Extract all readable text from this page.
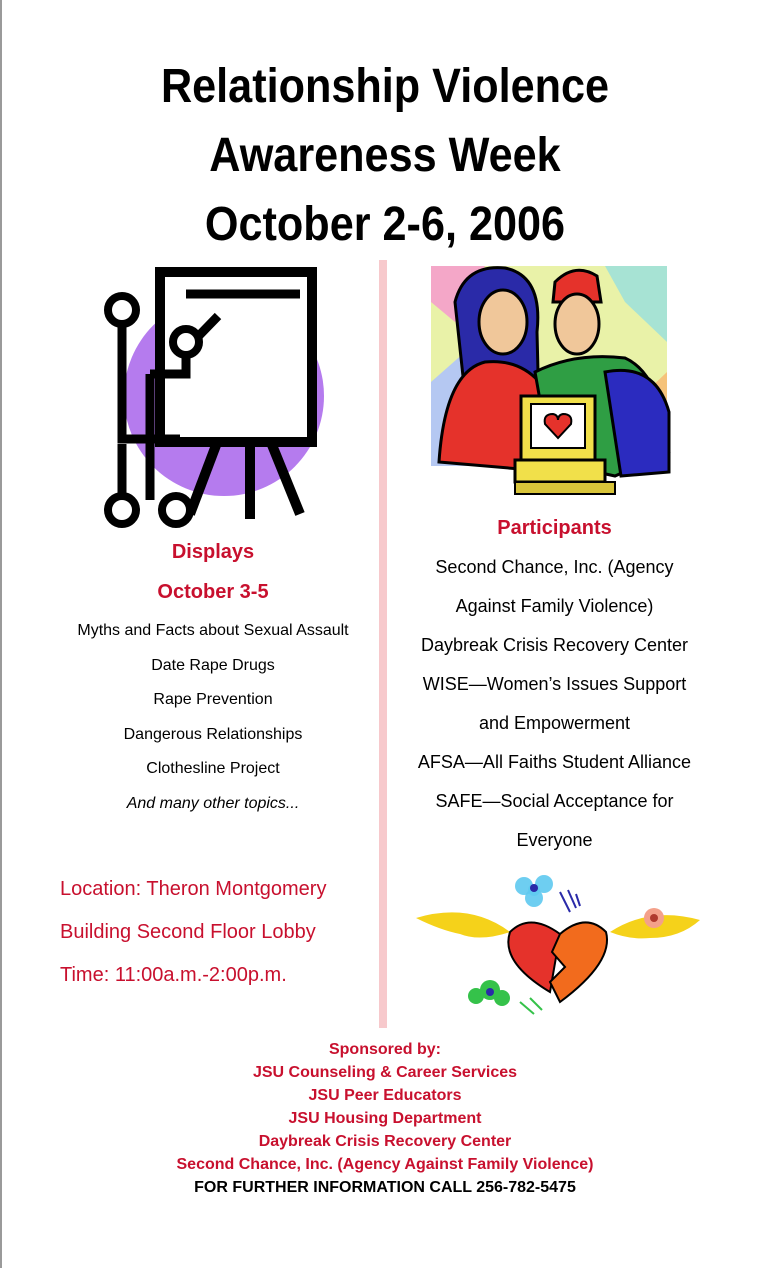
Relationship Violence
Awareness Week
October 2-6, 2006
Displays
October 3-5
Myths and Facts about Sexual Assault
Date Rape Drugs
Rape Prevention
Dangerous Relationships
Clothesline Project
And many other topics...
Location: Theron Montgomery
Building Second Floor Lobby
Time: 11:00a.m.-2:00p.m.
Participants
Second Chance, Inc. (Agency
Against Family Violence)
Daybreak Crisis Recovery Center
WISE—Women’s Issues Support
and Empowerment
AFSA—All Faiths Student Alliance
SAFE—Social Acceptance for
Everyone
Sponsored by:
JSU Counseling & Career Services
JSU Peer Educators
JSU Housing Department
Daybreak Crisis Recovery Center
Second Chance, Inc. (Agency Against Family Violence)
FOR FURTHER INFORMATION CALL 256-782-5475
